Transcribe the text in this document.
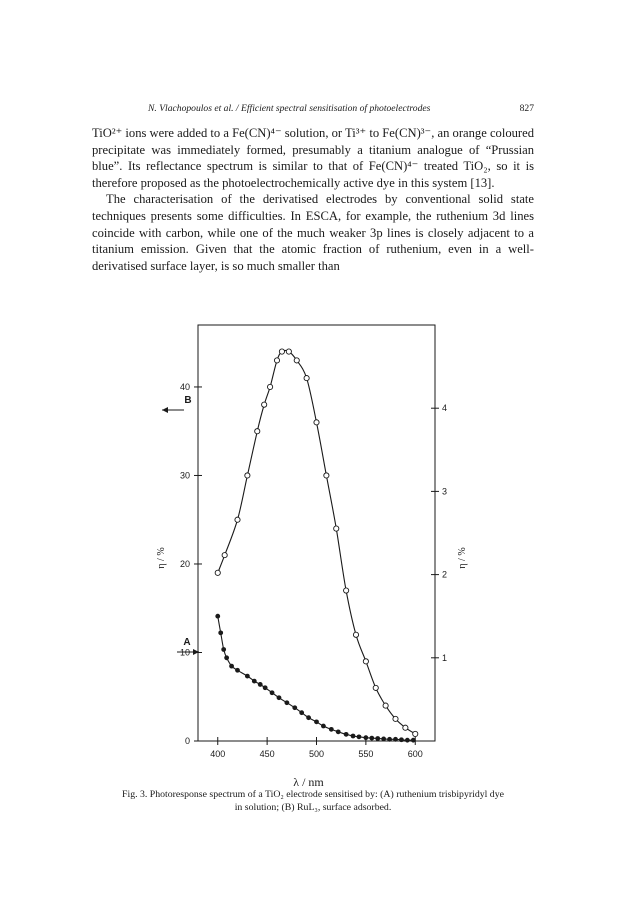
N. Vlachopoulos et al. / Efficient spectral sensitisation of photoelectrodes	827

TiO²⁺ ions were added to a Fe(CN)⁴⁻ solution, or Ti³⁺ to Fe(CN)³⁻, an orange coloured precipitate was immediately formed, presumably a titanium analogue of “Prussian blue”. Its reflectance spectrum is similar to that of Fe(CN)⁴⁻ treated TiO₂, so it is therefore proposed as the photoelectrochemically active dye in this system [13].

The characterisation of the derivatised electrodes by conventional solid state techniques presents some difficulties. In ESCA, for example, the ruthenium 3d lines coincide with carbon, while one of the much weaker 3p lines is closely adjacent to a titanium emission. Given that the atomic fraction of ruthenium, even in a well-derivatised surface layer, is so much smaller than

0
10
20
30
40
1
2
3
4
400	450	500	550	600
λ / nm
η / %	η / %
A
B

Fig. 3. Photoresponse spectrum of a TiO₂ electrode sensitised by: (A) ruthenium trisbipyridyl dye

in solution; (B) RuL₃, surface adsorbed.
